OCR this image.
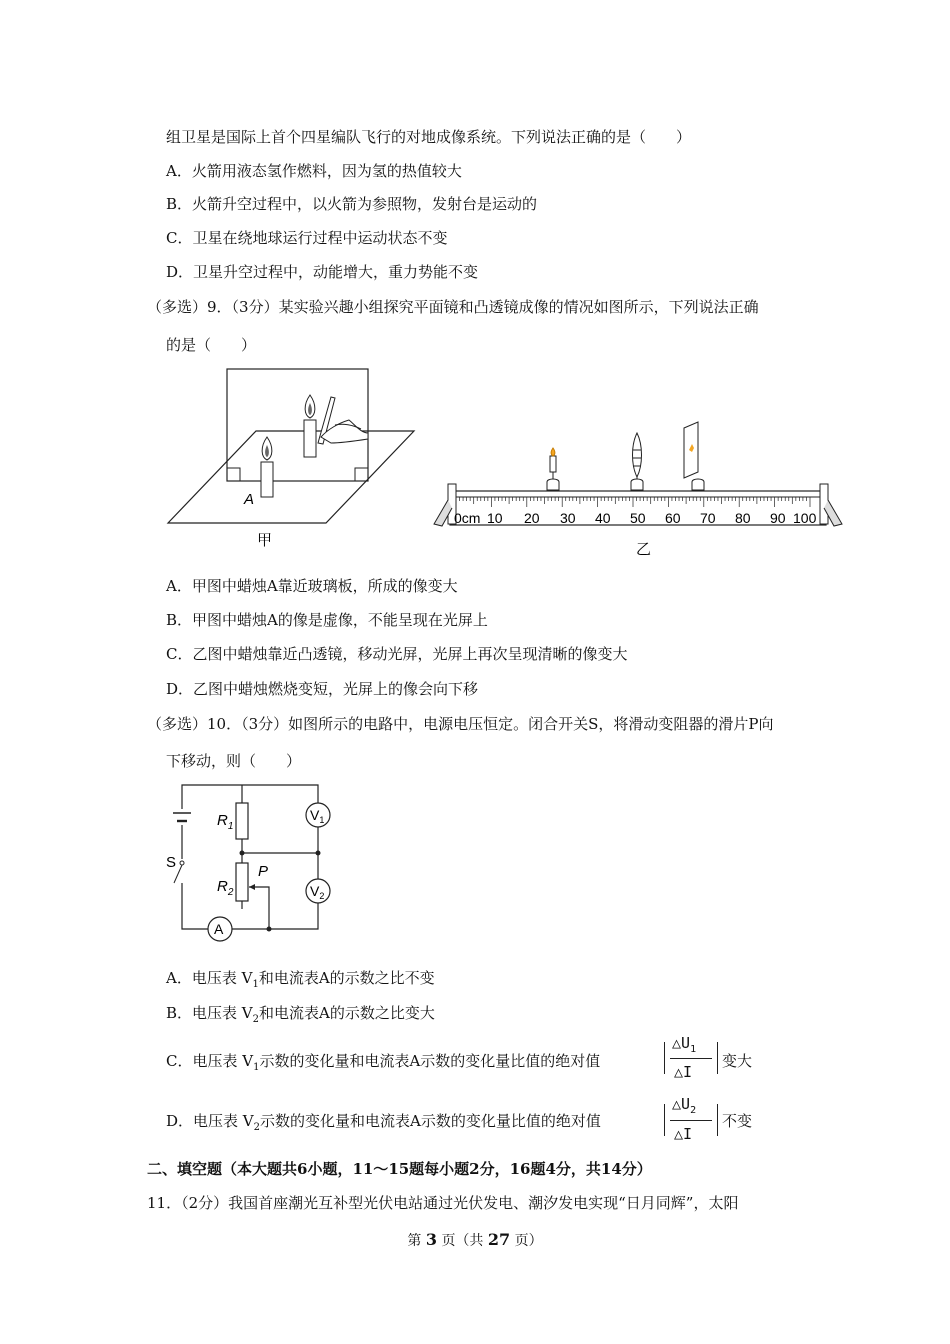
组卫星是国际上首个四星编队飞行的对地成像系统。下列说法正确的是（　　）
A．火箭用液态氢作燃料，因为氢的热值较大
B．火箭升空过程中，以火箭为参照物，发射台是运动的
C．卫星在绕地球运行过程中运动状态不变
D．卫星升空过程中，动能增大，重力势能不变
（多选）9．（3分）某实验兴趣小组探究平面镜和凸透镜成像的情况如图所示，下列说法正确
的是（　　）
A
甲
0cm 10 20 30 40 50 60 70 80 90 100
乙
A．甲图中蜡烛A靠近玻璃板，所成的像变大
B．甲图中蜡烛A的像是虚像，不能呈现在光屏上
C．乙图中蜡烛靠近凸透镜，移动光屏，光屏上再次呈现清晰的像变大
D．乙图中蜡烛燃烧变短，光屏上的像会向下移
（多选）10．（3分）如图所示的电路中，电源电压恒定。闭合开关S，将滑动变阻器的滑片P向
下移动，则（　　）
S
$R_1$
$R_2$
P
$V_1$
$V_2$
A
A．电压表 $V_1$和电流表A的示数之比不变
B．电压表 $V_2$和电流表A的示数之比变大
C．电压表 $V_1$示数的变化量和电流表A示数的变化量比值的绝对值
$\triangle U_1$
△I
变大
D．电压表 $V_2$示数的变化量和电流表A示数的变化量比值的绝对值
$\triangle U_2$
△I
不变
二、填空题（本大题共6小题，11～15题每小题2分，16题4分，共14分）
11．（2分）我国首座潮光互补型光伏电站通过光伏发电、潮汐发电实现“日月同辉”，太阳
第 3 页（共 27 页）
